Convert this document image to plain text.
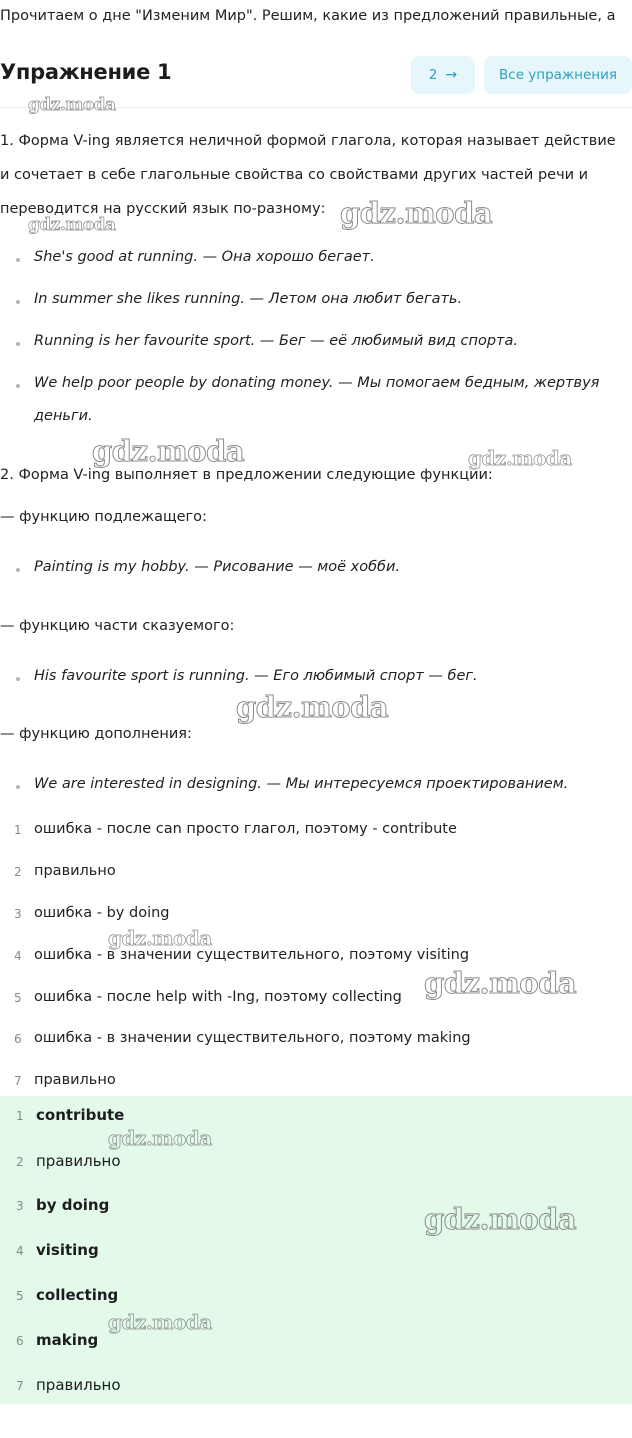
Прочитаем о дне "Изменим Мир". Решим, какие из предложений правильные, а
Упражнение 1	2 →	Все упражнения
1. Форма V-ing является неличной формой глагола, которая называет действие
и сочетает в себе глагольные свойства со свойствами других частей речи и
переводится на русский язык по-разному:
She's good at running. — Она хорошо бегает.
In summer she likes running. — Летом она любит бегать.
Running is her favourite sport. — Бег — её любимый вид спорта.
We help poor people by donating money. — Мы помогаем бедным, жертвуя
деньги.
2. Форма V-ing выполняет в предложении следующие функции:
— функцию подлежащего:
Painting is my hobby. — Рисование — моё хобби.
— функцию части сказуемого:
His favourite sport is running. — Его любимый спорт — бег.
— функцию дополнения:
We are interested in designing. — Мы интересуемся проектированием.
1 ошибка - после can просто глагол, поэтому - contribute
2 правильно
3 ошибка - by doing
4 ошибка - в значении существительного, поэтому visiting
5 ошибка - после help with -Ing, поэтому collecting
6 ошибка - в значении существительного, поэтому making
7 правильно
1 contribute
2 правильно
3 by doing
4 visiting
5 collecting
6 making
7 правильно
gdz.moda
gdz.moda	gdz.moda
gdz.moda	gdz.moda
gdz.moda
gdz.moda
gdz.moda
gdz.moda
gdz.moda
gdz.moda
